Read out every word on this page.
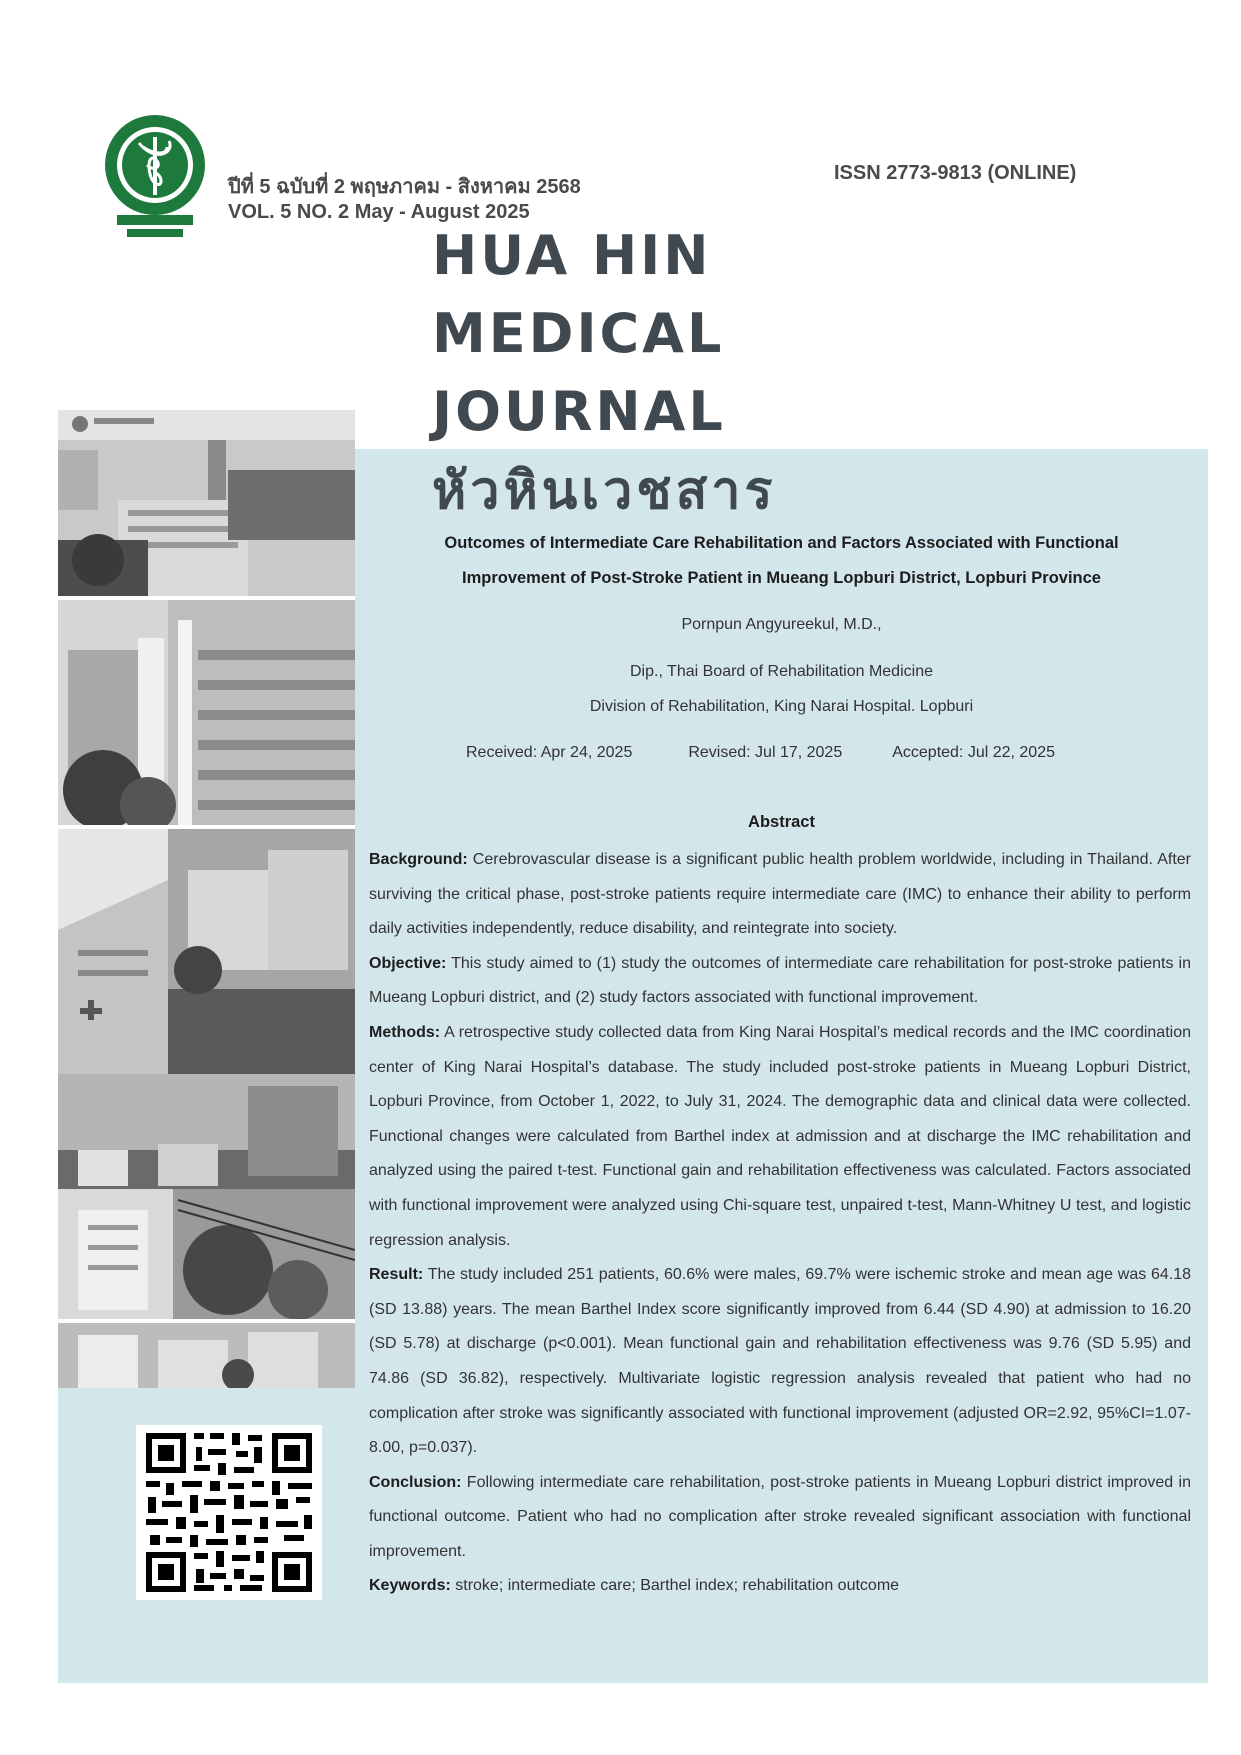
ปีที่ 5 ฉบับที่ 2 พฤษภาคม - สิงหาคม 2568
VOL. 5 NO. 2 May - August 2025
ISSN 2773-9813 (ONLINE)
HUA HIN
MEDICAL
JOURNAL
หัวหินเวชสาร
Outcomes of Intermediate Care Rehabilitation and Factors Associated with Functional
Improvement of Post-Stroke Patient in Mueang Lopburi District, Lopburi Province
Pornpun Angyureekul, M.D.,
Dip., Thai Board of Rehabilitation Medicine
Division of Rehabilitation, King Narai Hospital. Lopburi
Received: Apr 24, 2025	Revised: Jul 17, 2025	Accepted: Jul 22, 2025
Abstract

Background: Cerebrovascular disease is a significant public health problem worldwide, including in Thailand. After surviving the critical phase, post-stroke patients require intermediate care (IMC) to enhance their ability to perform daily activities independently, reduce disability, and reintegrate into society.

Objective: This study aimed to (1) study the outcomes of intermediate care rehabilitation for post-stroke patients in Mueang Lopburi district, and (2) study factors associated with functional improvement.

Methods: A retrospective study collected data from King Narai Hospital’s medical records and the IMC coordination center of King Narai Hospital’s database. The study included post-stroke patients in Mueang Lopburi District, Lopburi Province, from October 1, 2022, to July 31, 2024. The demographic data and clinical data were collected. Functional changes were calculated from Barthel index at admission and at discharge the IMC rehabilitation and analyzed using the paired t-test. Functional gain and rehabilitation effectiveness was calculated. Factors associated with functional improvement were analyzed using Chi-square test, unpaired t-test, Mann-Whitney U test, and logistic regression analysis.

Result: The study included 251 patients, 60.6% were males, 69.7% were ischemic stroke and mean age was 64.18 (SD 13.88) years. The mean Barthel Index score significantly improved from 6.44 (SD 4.90) at admission to 16.20 (SD 5.78) at discharge (p<0.001). Mean functional gain and rehabilitation effectiveness was 9.76 (SD 5.95) and 74.86 (SD 36.82), respectively. Multivariate logistic regression analysis revealed that patient who had no complication after stroke was significantly associated with functional improvement (adjusted OR=2.92, 95%CI=1.07-8.00, p=0.037).

Conclusion: Following intermediate care rehabilitation, post-stroke patients in Mueang Lopburi district improved in functional outcome. Patient who had no complication after stroke revealed significant association with functional improvement.

Keywords: stroke; intermediate care; Barthel index; rehabilitation outcome
